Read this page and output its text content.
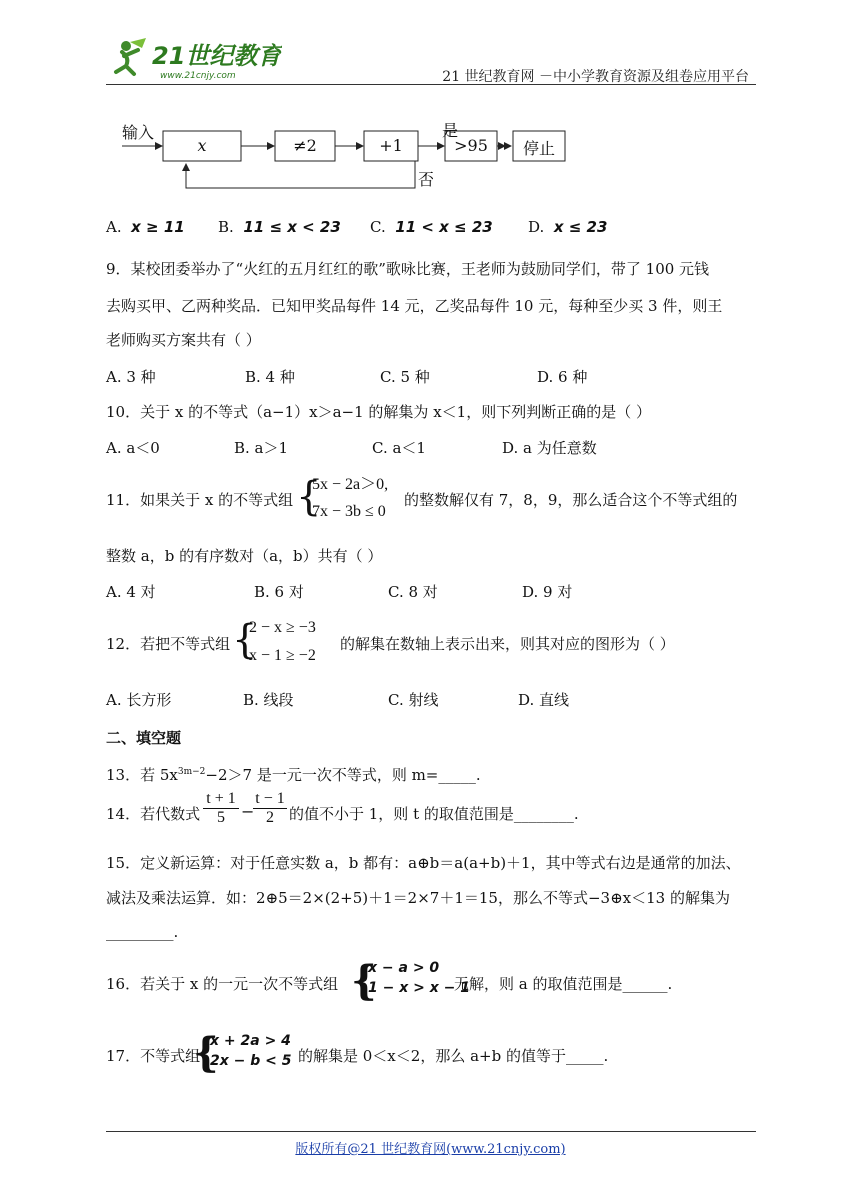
21世纪教育
www.21cnjy.com	21 世纪教育网 －中小学教育资源及组卷应用平台
输入
x	≠2	+1	>95	停止
是
否
A. x ≥ 11 B. 11 ≤ x < 23 C. 11 < x ≤ 23 D. x ≤ 23
9．某校团委举办了“火红的五月红红的歌”歌咏比赛，王老师为鼓励同学们，带了 100 元钱
去购买甲、乙两种奖品．已知甲奖品每件 14 元，乙奖品每件 10 元，每种至少买 3 件，则王
老师购买方案共有（ ）
A. 3 种	B. 4 种	C. 5 种	D. 6 种
10．关于 x 的不等式（a−1）x＞a−1 的解集为 x＜1，则下列判断正确的是（ ）
A. a＜0	B. a＞1	C. a＜1	D. a 为任意数
11．如果关于 x 的不等式组 {
5x − 2a＞0,
7x − 3b ≤ 0
的整数解仅有 7，8，9，那么适合这个不等式组的
整数 a，b 的有序数对（a，b）共有（ ）
A. 4 对	B. 6 对	C. 8 对	D. 9 对
12．若把不等式组 {
2 − x ≥ −3
x − 1 ≥ −2
的解集在数轴上表示出来，则其对应的图形为（ ）
A. 长方形	B. 线段	C. 射线	D. 直线
二、填空题
13．若 $5x^{3m-2}-2>7$ 是一元一次不等式，则 m=_____.
14．若代数式 $\frac{t + 1}{5}$ −
$\frac{t - 1}{2}$ 的值不小于 1，则 t 的取值范围是________.
15．定义新运算：对于任意实数 a，b 都有：a⊕b＝a(a+b)＋1，其中等式右边是通常的加法、
减法及乘法运算．如：2⊕5＝2×(2+5)＋1＝2×7＋1＝15，那么不等式−3⊕x＜13 的解集为
_________.
16．若关于 x 的一元一次不等式组 {
x − a > 0
1 − x > x − 1
无解，则 a 的取值范围是______.
17．不等式组
{
x + 2a > 4
2x − b < 5 的解集是 0＜x＜2，那么 a+b 的值等于_____.
版权所有@21 世纪教育网(www.21cnjy.com)
